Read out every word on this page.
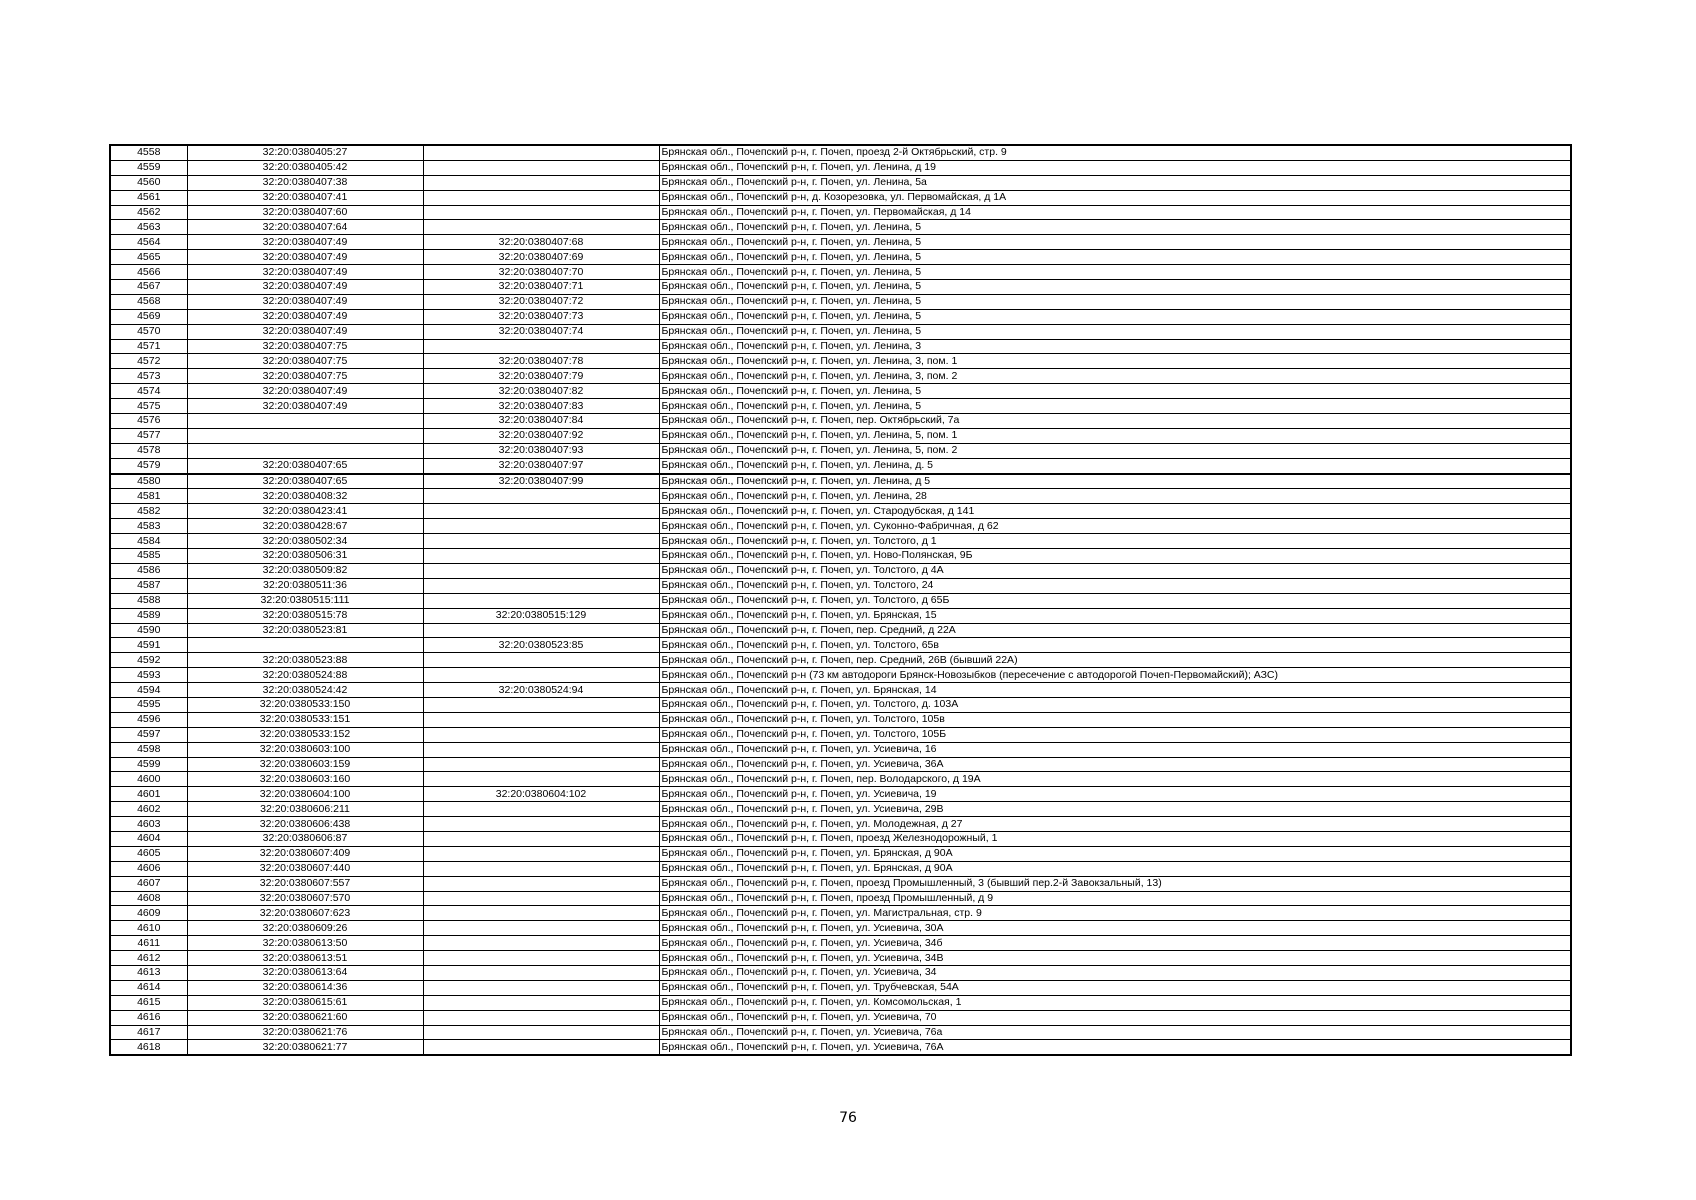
4558	32:20:0380405:27		Брянская обл., Почепский р-н, г. Почеп, проезд 2-й Октябрьский, стр. 9
4559	32:20:0380405:42		Брянская обл., Почепский р-н, г. Почеп, ул. Ленина, д 19
4560	32:20:0380407:38		Брянская обл., Почепский р-н, г. Почеп, ул. Ленина, 5а
4561	32:20:0380407:41		Брянская обл., Почепский р-н, д. Козорезовка, ул. Первомайская, д 1А
4562	32:20:0380407:60		Брянская обл., Почепский р-н, г. Почеп, ул. Первомайская, д 14
4563	32:20:0380407:64		Брянская обл., Почепский р-н, г. Почеп, ул. Ленина, 5
4564	32:20:0380407:49	32:20:0380407:68	Брянская обл., Почепский р-н, г. Почеп, ул. Ленина, 5
4565	32:20:0380407:49	32:20:0380407:69	Брянская обл., Почепский р-н, г. Почеп, ул. Ленина, 5
4566	32:20:0380407:49	32:20:0380407:70	Брянская обл., Почепский р-н, г. Почеп, ул. Ленина, 5
4567	32:20:0380407:49	32:20:0380407:71	Брянская обл., Почепский р-н, г. Почеп, ул. Ленина, 5
4568	32:20:0380407:49	32:20:0380407:72	Брянская обл., Почепский р-н, г. Почеп, ул. Ленина, 5
4569	32:20:0380407:49	32:20:0380407:73	Брянская обл., Почепский р-н, г. Почеп, ул. Ленина, 5
4570	32:20:0380407:49	32:20:0380407:74	Брянская обл., Почепский р-н, г. Почеп, ул. Ленина, 5
4571	32:20:0380407:75		Брянская обл., Почепский р-н, г. Почеп, ул. Ленина, 3
4572	32:20:0380407:75	32:20:0380407:78	Брянская обл., Почепский р-н, г. Почеп, ул. Ленина, 3, пом. 1
4573	32:20:0380407:75	32:20:0380407:79	Брянская обл., Почепский р-н, г. Почеп, ул. Ленина, 3, пом. 2
4574	32:20:0380407:49	32:20:0380407:82	Брянская обл., Почепский р-н, г. Почеп, ул. Ленина, 5
4575	32:20:0380407:49	32:20:0380407:83	Брянская обл., Почепский р-н, г. Почеп, ул. Ленина, 5
4576		32:20:0380407:84	Брянская обл., Почепский р-н, г. Почеп, пер. Октябрьский, 7а
4577		32:20:0380407:92	Брянская обл., Почепский р-н, г. Почеп, ул. Ленина, 5, пом. 1
4578		32:20:0380407:93	Брянская обл., Почепский р-н, г. Почеп, ул. Ленина, 5, пом. 2
4579	32:20:0380407:65	32:20:0380407:97	Брянская обл., Почепский р-н, г. Почеп, ул. Ленина, д. 5
4580	32:20:0380407:65	32:20:0380407:99	Брянская обл., Почепский р-н, г. Почеп, ул. Ленина, д 5
4581	32:20:0380408:32		Брянская обл., Почепский р-н, г. Почеп, ул. Ленина, 28
4582	32:20:0380423:41		Брянская обл., Почепский р-н, г. Почеп, ул. Стародубская, д 141
4583	32:20:0380428:67		Брянская обл., Почепский р-н, г. Почеп, ул. Суконно-Фабричная, д 62
4584	32:20:0380502:34		Брянская обл., Почепский р-н, г. Почеп, ул. Толстого, д 1
4585	32:20:0380506:31		Брянская обл., Почепский р-н, г. Почеп, ул. Ново-Полянская, 9Б
4586	32:20:0380509:82		Брянская обл., Почепский р-н, г. Почеп, ул. Толстого, д 4А
4587	32:20:0380511:36		Брянская обл., Почепский р-н, г. Почеп, ул. Толстого, 24
4588	32:20:0380515:111		Брянская обл., Почепский р-н, г. Почеп, ул. Толстого, д 65Б
4589	32:20:0380515:78	32:20:0380515:129	Брянская обл., Почепский р-н, г. Почеп, ул. Брянская, 15
4590	32:20:0380523:81		Брянская обл., Почепский р-н, г. Почеп, пер. Средний, д 22А
4591		32:20:0380523:85	Брянская обл., Почепский р-н, г. Почеп, ул. Толстого, 65в
4592	32:20:0380523:88		Брянская обл., Почепский р-н, г. Почеп, пер. Средний, 26В (бывший 22А)
4593	32:20:0380524:88		Брянская обл., Почепский р-н (73 км автодороги Брянск-Новозыбков (пересечение с автодорогой Почеп-Первомайский); АЗС)
4594	32:20:0380524:42	32:20:0380524:94	Брянская обл., Почепский р-н, г. Почеп, ул. Брянская, 14
4595	32:20:0380533:150		Брянская обл., Почепский р-н, г. Почеп, ул. Толстого, д. 103А
4596	32:20:0380533:151		Брянская обл., Почепский р-н, г. Почеп, ул. Толстого, 105в
4597	32:20:0380533:152		Брянская обл., Почепский р-н, г. Почеп, ул. Толстого, 105Б
4598	32:20:0380603:100		Брянская обл., Почепский р-н, г. Почеп, ул. Усиевича, 16
4599	32:20:0380603:159		Брянская обл., Почепский р-н, г. Почеп, ул. Усиевича, 36А
4600	32:20:0380603:160		Брянская обл., Почепский р-н, г. Почеп, пер. Володарского, д 19А
4601	32:20:0380604:100	32:20:0380604:102	Брянская обл., Почепский р-н, г. Почеп, ул. Усиевича, 19
4602	32:20:0380606:211		Брянская обл., Почепский р-н, г. Почеп, ул. Усиевича, 29В
4603	32:20:0380606:438		Брянская обл., Почепский р-н, г. Почеп, ул. Молодежная, д 27
4604	32:20:0380606:87		Брянская обл., Почепский р-н, г. Почеп, проезд Железнодорожный, 1
4605	32:20:0380607:409		Брянская обл., Почепский р-н, г. Почеп, ул. Брянская, д 90А
4606	32:20:0380607:440		Брянская обл., Почепский р-н, г. Почеп, ул. Брянская, д 90А
4607	32:20:0380607:557		Брянская обл., Почепский р-н, г. Почеп, проезд Промышленный, 3 (бывший пер.2-й Завокзальный, 13)
4608	32:20:0380607:570		Брянская обл., Почепский р-н, г. Почеп, проезд Промышленный, д 9
4609	32:20:0380607:623		Брянская обл., Почепский р-н, г. Почеп, ул. Магистральная, стр. 9
4610	32:20:0380609:26		Брянская обл., Почепский р-н, г. Почеп, ул. Усиевича, 30А
4611	32:20:0380613:50		Брянская обл., Почепский р-н, г. Почеп, ул. Усиевича, 34б
4612	32:20:0380613:51		Брянская обл., Почепский р-н, г. Почеп, ул. Усиевича, 34В
4613	32:20:0380613:64		Брянская обл., Почепский р-н, г. Почеп, ул. Усиевича, 34
4614	32:20:0380614:36		Брянская обл., Почепский р-н, г. Почеп, ул. Трубчевская, 54А
4615	32:20:0380615:61		Брянская обл., Почепский р-н, г. Почеп, ул. Комсомольская, 1
4616	32:20:0380621:60		Брянская обл., Почепский р-н, г. Почеп, ул. Усиевича, 70
4617	32:20:0380621:76		Брянская обл., Почепский р-н, г. Почеп, ул. Усиевича, 76а
4618	32:20:0380621:77		Брянская обл., Почепский р-н, г. Почеп, ул. Усиевича, 76А
76
